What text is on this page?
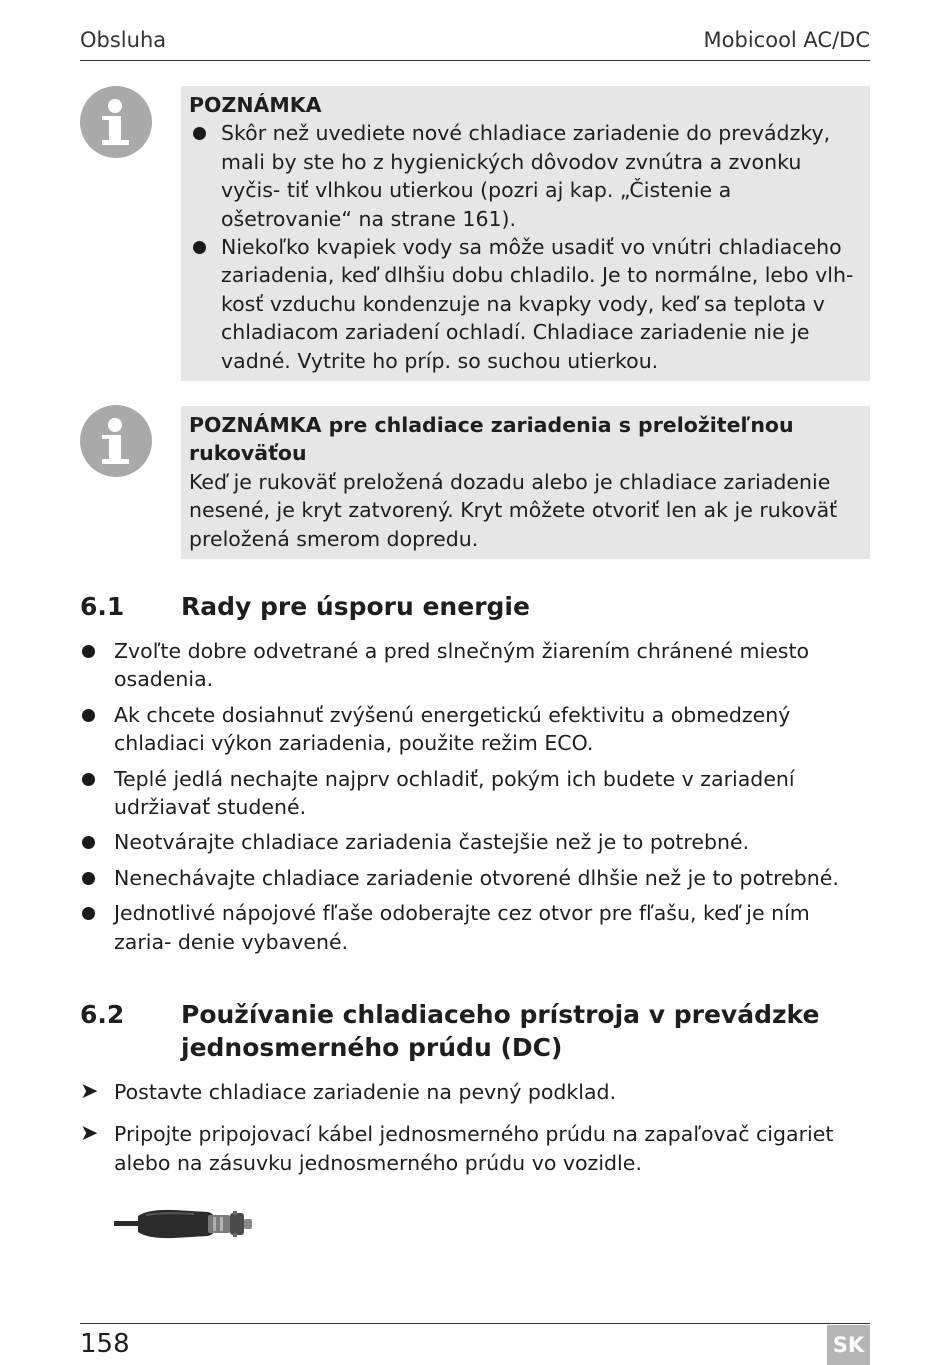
Obsluha	Mobicool AC/DC
POZNÁMKA
Skôr než uvediete nové chladiace zariadenie do prevádzky, mali by ste ho z hygienických dôvodov zvnútra a zvonku vyčis- tiť vlhkou utierkou (pozri aj kap. „Čistenie a ošetrovanie“ na strane 161).
Niekoľko kvapiek vody sa môže usadiť vo vnútri chladiaceho zariadenia, keď dlhšiu dobu chladilo. Je to normálne, lebo vlh- kosť vzduchu kondenzuje na kvapky vody, keď sa teplota v chladiacom zariadení ochladí. Chladiace zariadenie nie je vadné. Vytrite ho príp. so suchou utierkou.
POZNÁMKA pre chladiace zariadenia s preložiteľnou rukoväťou
Keď je rukoväť preložená dozadu alebo je chladiace zariadenie nesené, je kryt zatvorený. Kryt môžete otvoriť len ak je rukoväť preložená smerom dopredu.
6.1 Rady pre úsporu energie
Zvoľte dobre odvetrané a pred slnečným žiarením chránené miesto osadenia.
Ak chcete dosiahnuť zvýšenú energetickú efektivitu a obmedzený chladiaci výkon zariadenia, použite režim ECO.
Teplé jedlá nechajte najprv ochladiť, pokým ich budete v zariadení udržiavať studené.
Neotvárajte chladiace zariadenia častejšie než je to potrebné.
Nenechávajte chladiace zariadenie otvorené dlhšie než je to potrebné.
Jednotlivé nápojové fľaše odoberajte cez otvor pre fľašu, keď je ním zaria- denie vybavené.
6.2 Používanie chladiaceho prístroja v prevádzke jednosmerného prúdu (DC)
➤ Postavte chladiace zariadenie na pevný podklad.
➤ Pripojte pripojovací kábel jednosmerného prúdu na zapaľovač cigariet alebo na zásuvku jednosmerného prúdu vo vozidle.
158	SK
